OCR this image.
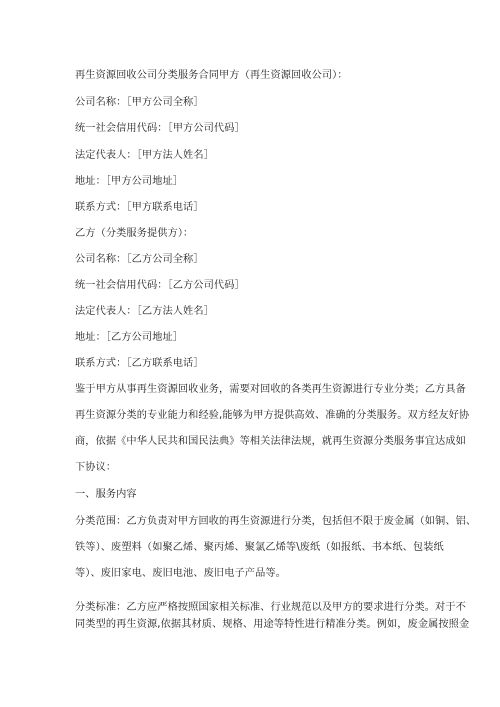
再生资源回收公司分类服务合同甲方（再生资源回收公司）：
公司名称：［甲方公司全称］
统一社会信用代码：［甲方公司代码］
法定代表人：［甲方法人姓名］
地址：［甲方公司地址］
联系方式：［甲方联系电话］
乙方（分类服务提供方）：
公司名称：［乙方公司全称］
统一社会信用代码：［乙方公司代码］
法定代表人：［乙方法人姓名］
地址：［乙方公司地址］
联系方式：［乙方联系电话］
鉴于甲方从事再生资源回收业务，需要对回收的各类再生资源进行专业分类；乙方具备
再生资源分类的专业能力和经验,能够为甲方提供高效、准确的分类服务。双方经友好协
商，依据《中华人民共和国民法典》等相关法律法规，就再生资源分类服务事宜达成如
下协议：
一、服务内容
分类范围：乙方负责对甲方回收的再生资源进行分类，包括但不限于废金属（如铜、铝、
铁等）、废塑料（如聚乙烯、聚丙烯、聚氯乙烯等\废纸（如报纸、书本纸、包装纸
等）、废旧家电、废旧电池、废旧电子产品等。
分类标准：乙方应严格按照国家相关标准、行业规范以及甲方的要求进行分类。对于不
同类型的再生资源,依据其材质、规格、用途等特性进行精准分类。例如，废金属按照金
